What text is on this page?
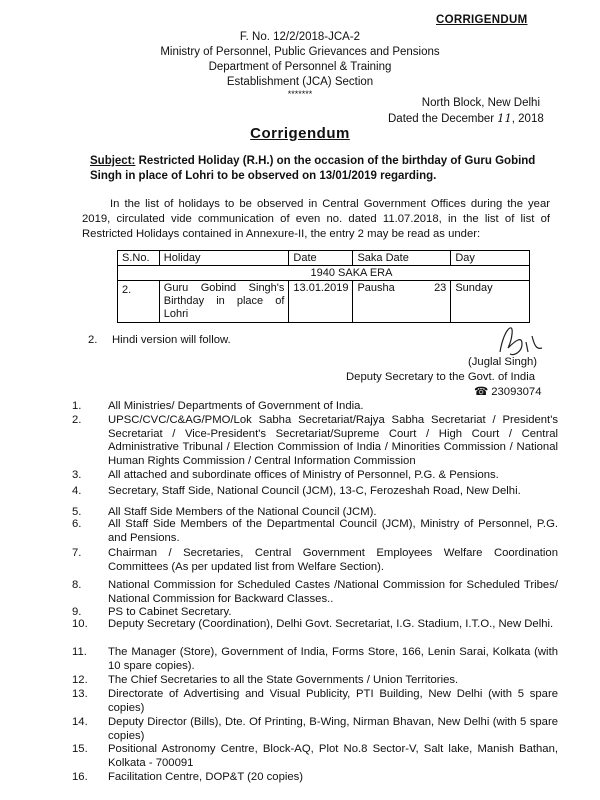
CORRIGENDUM
F. No. 12/2/2018-JCA-2
Ministry of Personnel, Public Grievances and Pensions
Department of Personnel & Training
Establishment (JCA) Section
*******
North Block, New Delhi
Dated the December 11, 2018
Corrigendum
Subject: Restricted Holiday (R.H.) on the occasion of the birthday of Guru Gobind Singh in place of Lohri to be observed on 13/01/2019 regarding.
In the list of holidays to be observed in Central Government Offices during the year 2019, circulated vide communication of even no. dated 11.07.2018, in the list of list of Restricted Holidays contained in Annexure-II, the entry 2 may be read as under:
S.No.	Holiday	Date	Saka Date	Day
1940 SAKA ERA				
2.	Guru Gobind Singh's Birthday in place of Lohri	13.01.2019	Pausha 23	Sunday
2. Hindi version will follow.
(Juglal Singh)
Deputy Secretary to the Govt. of India
☎ 23093074
1.	All Ministries/ Departments of Government of India.
2.	UPSC/CVC/C&AG/PMO/Lok Sabha Secretariat/Rajya Sabha Secretariat / President's Secretariat / Vice-President's Secretariat/Supreme Court / High Court / Central Administrative Tribunal / Election Commission of India / Minorities Commission / National Human Rights Commission / Central Information Commission
3.	All attached and subordinate offices of Ministry of Personnel, P.G. & Pensions.
4.	Secretary, Staff Side, National Council (JCM), 13-C, Ferozeshah Road, New Delhi.
5.	All Staff Side Members of the National Council (JCM).
6.	All Staff Side Members of the Departmental Council (JCM), Ministry of Personnel, P.G. and Pensions.
7.	Chairman / Secretaries, Central Government Employees Welfare Coordination Committees (As per updated list from Welfare Section).
8.	National Commission for Scheduled Castes /National Commission for Scheduled Tribes/ National Commission for Backward Classes..
9.	PS to Cabinet Secretary.
10.	Deputy Secretary (Coordination), Delhi Govt. Secretariat, I.G. Stadium, I.T.O., New Delhi.
11.	The Manager (Store), Government of India, Forms Store, 166, Lenin Sarai, Kolkata (with 10 spare copies).
12.	The Chief Secretaries to all the State Governments / Union Territories.
13.	Directorate of Advertising and Visual Publicity, PTI Building, New Delhi (with 5 spare copies)
14.	Deputy Director (Bills), Dte. Of Printing, B-Wing, Nirman Bhavan, New Delhi (with 5 spare copies)
15.	Positional Astronomy Centre, Block-AQ, Plot No.8 Sector-V, Salt lake, Manish Bathan, Kolkata - 700091
16.	Facilitation Centre, DOP&T (20 copies)
